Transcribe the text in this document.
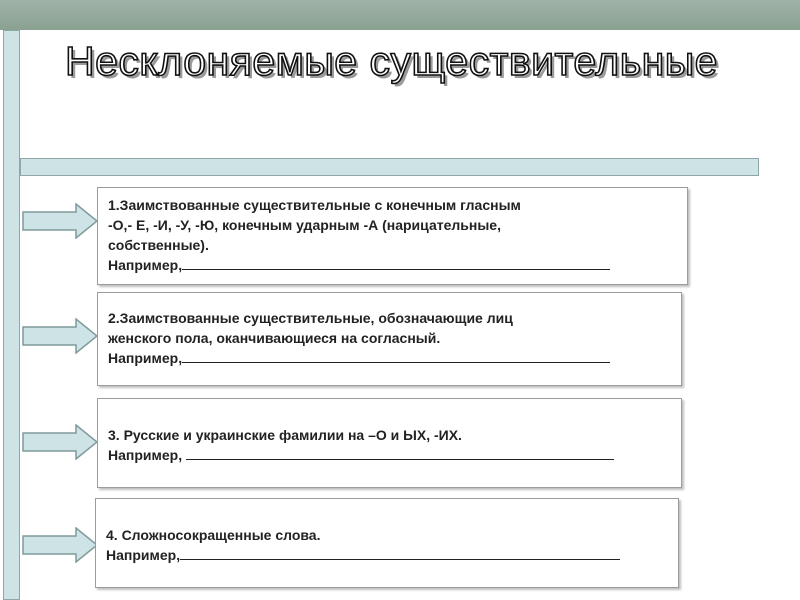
Несклоняемые существительные

1.Заимствованные существительные с конечным гласным

-О,- Е, -И, -У, -Ю, конечным ударным -А (нарицательные,

собственные).

Например,

2.Заимствованные существительные, обозначающие лиц

женского пола, оканчивающиеся на согласный.

Например,

3. Русские и украинские фамилии на –О и ЫХ, -ИХ.

Например,

4. Сложносокращенные слова.

Например,
